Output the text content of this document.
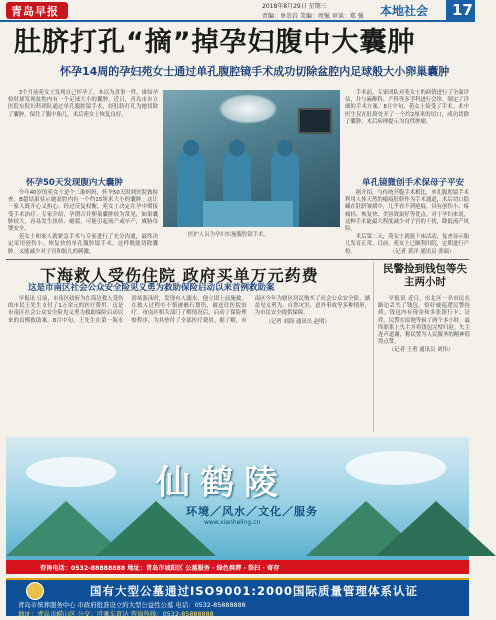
青岛早报	2018年8月29日 星期三
责编：单崇岩 美编：周强 审读：郑 强 本地社会 17
肚脐打孔“摘”掉孕妇腹中大囊肿
怀孕14周的孕妇苑女士通过单孔腹腔镜手术成功切除盆腔内足球般大小卵巢囊肿

3个月前苑女士发现自己怀孕了，本以为喜事一件，谁知孕检时却发现盆腔内有一个足球大小的囊肿。近日，青岛市市立医院东院妇科团队通过单孔腹腔镜手术，经肚脐打孔为她切除了囊肿，保住了腹中胎儿，术后苑女士恢复良好。

怀孕50天发现腹内大囊肿

今年40岁的苑女士是个二胎妈妈，怀孕50天时到医院做检查，B超结果显示她盆腔内有一个约15厘米大小的囊肿。这让一家人既开心又担心。经过反复权衡，苑女士决定在孕中期接受手术治疗。专家介绍，孕期合并卵巢囊肿较为常见，如果囊肿较大，容易发生扭转、破裂，可能引起流产或早产，威胁母婴安全。

苑女士和家人就紧急手术与专家进行了充分沟通，最终决定采用创伤小、恢复快的单孔腹腔镜手术，这样既能切除囊肿，又能减少对子宫和胎儿的刺激。

医护人员为孕妇实施腹腔镜手术。

手术前，专家团队对苑女士的病情进行了全面评估，并与麻醉科、产科等多学科进行会诊，制定了详细的手术方案。8月中旬，苑女士接受了手术。术中医生仅在肚脐处开了一个约2厘米的切口，成功切除了囊肿，术后病理提示为良性肿瘤。

单孔镜微创手术保母子平安

据介绍，与传统开腹手术相比，单孔腹腔镜手术利用人体天然的瘢痕肚脐作为手术通道，术后切口隐藏在肚脐皱褶中，几乎看不到疤痕，具有创伤小、疼痛轻、恢复快、美容效果好等优点。对于孕妇来说，这种手术能最大程度减少对子宫的干扰，降低流产风险。

术后第二天，苑女士就能下床活动，复查显示胎儿发育正常。目前，苑女士已顺利出院，定期进行产检。	（记者 黄洋 通讯员 张瑞）
下海救人受伤住院 政府买单万元药费
这是市南区社会公众安全险见义勇为救助保险启动以来首例救助案

早报讯 日前，市南区政府为在海边救人受伤的市民王先生支付了1万余元的医疗费用。这是市南区社会公众安全险见义勇为救助保险启动以来的首例救助案。8月中旬，王先生在第一海水浴场游泳时，发现有人溺水，他立即上前施救，在救人过程中不慎被礁石划伤，被送往医院治疗。市南区相关部门了解情况后，启动了保险理赔程序，为其垫付了全部医疗费用。据了解，市南区今年为辖区居民购买了社会公众安全险，涵盖见义勇为、自然灾害、意外事故等多种情形，为市民安全提供保障。

（记者 刘海 通讯员 赵明）

民警捡到钱包等失主两小时

早报讯 近日，市北区一名市民在路边丢失了钱包，恰好被巡逻民警捡到。钱包内有现金和多张银行卡、证件。民警在原地等候了两个多小时，最终联系上失主并将钱包完璧归赵。失主连声道谢，称民警为人民服务的精神值得点赞。

（记者 王勇 通讯员 刘伟）

仙鹤陵
环境／风水／文化／服务
www.xianheling.cn
咨询电话：0532-88888888 地址：青岛市城阳区 公墓服务 · 绿色殡葬 · 祭扫 · 寄存
国有大型公墓通过ISO9001:2000国际质量管理体系认证
青岛市殡葬服务中心 市政府批准设立的大型公益性公墓 电话：0532-85888888
地址：青岛市崂山区 公交：可乘车直达 咨询热线：0532-85888888
